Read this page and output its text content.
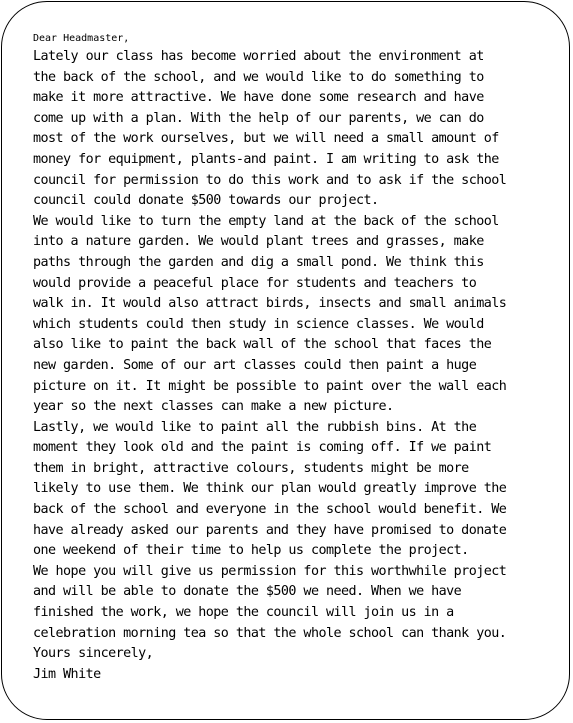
Dear Headmaster,
Lately our class has become worried about the environment at
the back of the school, and we would like to do something to
make it more attractive. We have done some research and have
come up with a plan. With the help of our parents, we can do
most of the work ourselves, but we will need a small amount of
money for equipment, plants-and paint. I am writing to ask the
council for permission to do this work and to ask if the school
council could donate $500 towards our project.
We would like to turn the empty land at the back of the school
into a nature garden. We would plant trees and grasses, make
paths through the garden and dig a small pond. We think this
would provide a peaceful place for students and teachers to
walk in. It would also attract birds, insects and small animals
which students could then study in science classes. We would
also like to paint the back wall of the school that faces the
new garden. Some of our art classes could then paint a huge
picture on it. It might be possible to paint over the wall each
year so the next classes can make a new picture.
Lastly, we would like to paint all the rubbish bins. At the
moment they look old and the paint is coming off. If we paint
them in bright, attractive colours, students might be more
likely to use them. We think our plan would greatly improve the
back of the school and everyone in the school would benefit. We
have already asked our parents and they have promised to donate
one weekend of their time to help us complete the project.
We hope you will give us permission for this worthwhile project
and will be able to donate the $500 we need. When we have
finished the work, we hope the council will join us in a
celebration morning tea so that the whole school can thank you.
Yours sincerely,
Jim White
